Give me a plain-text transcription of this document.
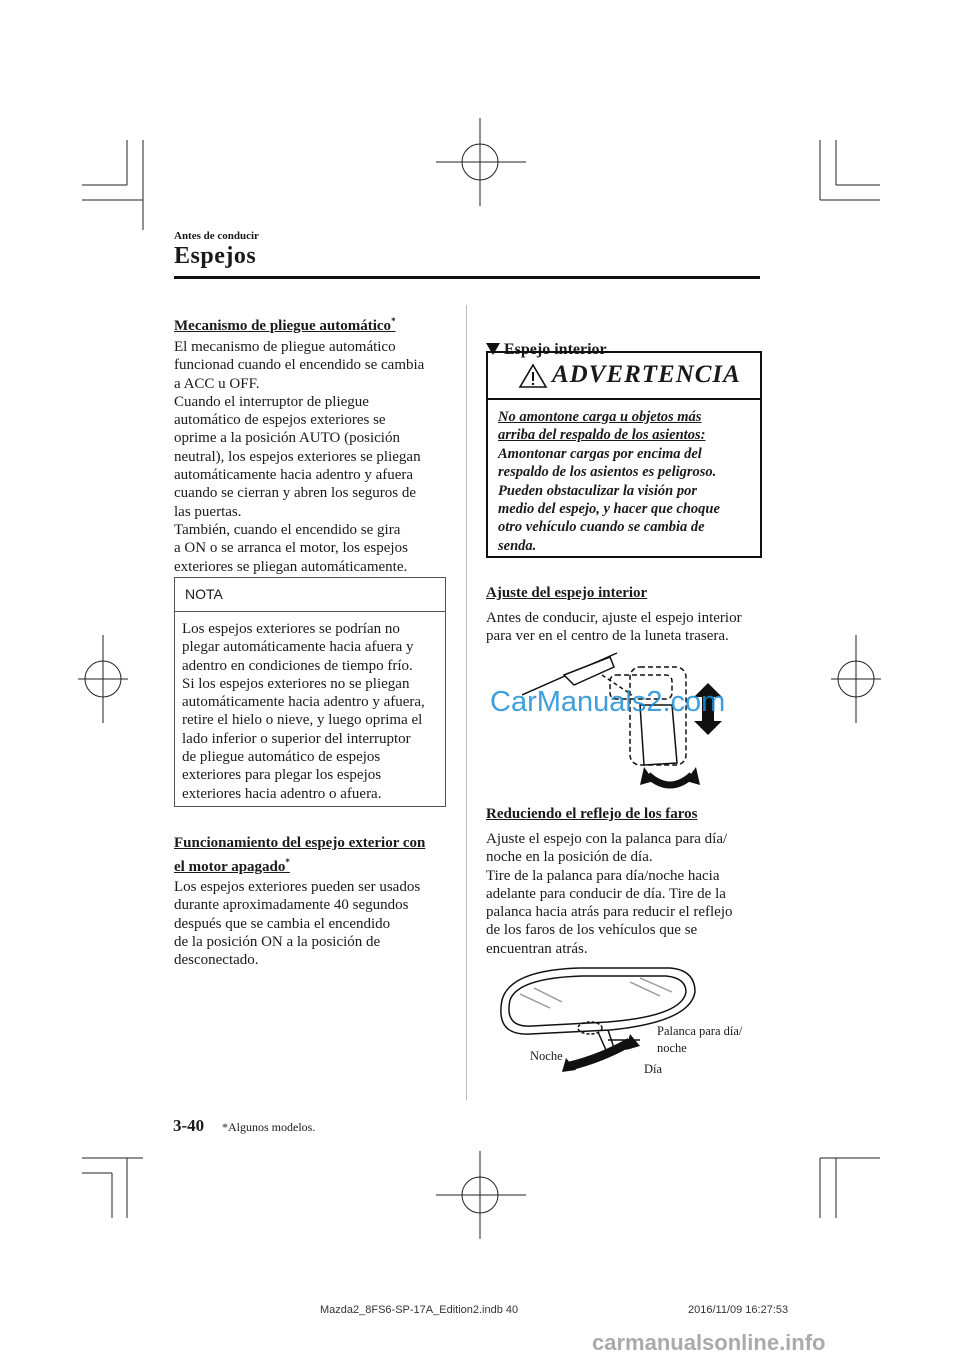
Antes de conducir
Espejos
Mecanismo de pliegue automático*
El mecanismo de pliegue automático
funcionad cuando el encendido se cambia
a ACC u OFF.
Cuando el interruptor de pliegue
automático de espejos exteriores se
oprime a la posición AUTO (posición
neutral), los espejos exteriores se pliegan
automáticamente hacia adentro y afuera
cuando se cierran y abren los seguros de
las puertas.
También, cuando el encendido se gira
a ON o se arranca el motor, los espejos
exteriores se pliegan automáticamente.
NOTA
Los espejos exteriores se podrían no
plegar automáticamente hacia afuera y
adentro en condiciones de tiempo frío.
Si los espejos exteriores no se pliegan
automáticamente hacia adentro y afuera,
retire el hielo o nieve, y luego oprima el
lado inferior o superior del interruptor
de pliegue automático de espejos
exteriores para plegar los espejos
exteriores hacia adentro o afuera.
Funcionamiento del espejo exterior con
el motor apagado*
Los espejos exteriores pueden ser usados
durante aproximadamente 40 segundos
después que se cambia el encendido
de la posición ON a la posición de
desconectado.
Espejo interior
ADVERTENCIA
No amontone carga u objetos más
arriba del respaldo de los asientos:
Amontonar cargas por encima del
respaldo de los asientos es peligroso.
Pueden obstaculizar la visión por
medio del espejo, y hacer que choque
otro vehículo cuando se cambia de
senda.
Ajuste del espejo interior
Antes de conducir, ajuste el espejo interior
para ver en el centro de la luneta trasera.
CarManuals2.com
Reduciendo el reflejo de los faros
Ajuste el espejo con la palanca para día/
noche en la posición de día.
Tire de la palanca para día/noche hacia
adelante para conducir de día. Tire de la
palanca hacia atrás para reducir el reflejo
de los faros de los vehículos que se
encuentran atrás.
Palanca para día/
noche
Noche
Día
3-40 *Algunos modelos.
Mazda2_8FS6-SP-17A_Edition2.indb 40	2016/11/09 16:27:53
carmanualsonline.info
